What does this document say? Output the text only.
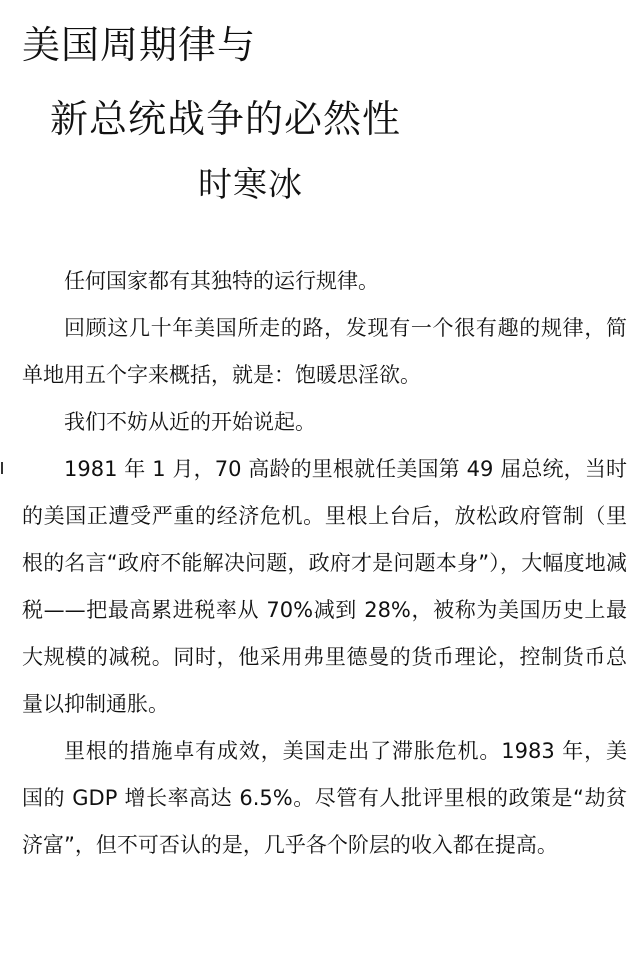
美国周期律与
新总统战争的必然性
时寒冰

任何国家都有其独特的运行规律。

回顾这几十年美国所走的路，发现有一个很有趣的规律，简单地用五个字来概括，就是：饱暖思淫欲。

我们不妨从近的开始说起。

1981 年 1 月，70 高龄的里根就任美国第 49 届总统，当时的美国正遭受严重的经济危机。里根上台后，放松政府管制（里根的名言“政府不能解决问题，政府才是问题本身”），大幅度地减税——把最高累进税率从 70%减到 28%，被称为美国历史上最大规模的减税。同时，他采用弗里德曼的货币理论，控制货币总量以抑制通胀。

里根的措施卓有成效，美国走出了滞胀危机。1983 年，美国的 GDP 增长率高达 6.5%。尽管有人批评里根的政策是“劫贫济富”，但不可否认的是，几乎各个阶层的收入都在提高。
